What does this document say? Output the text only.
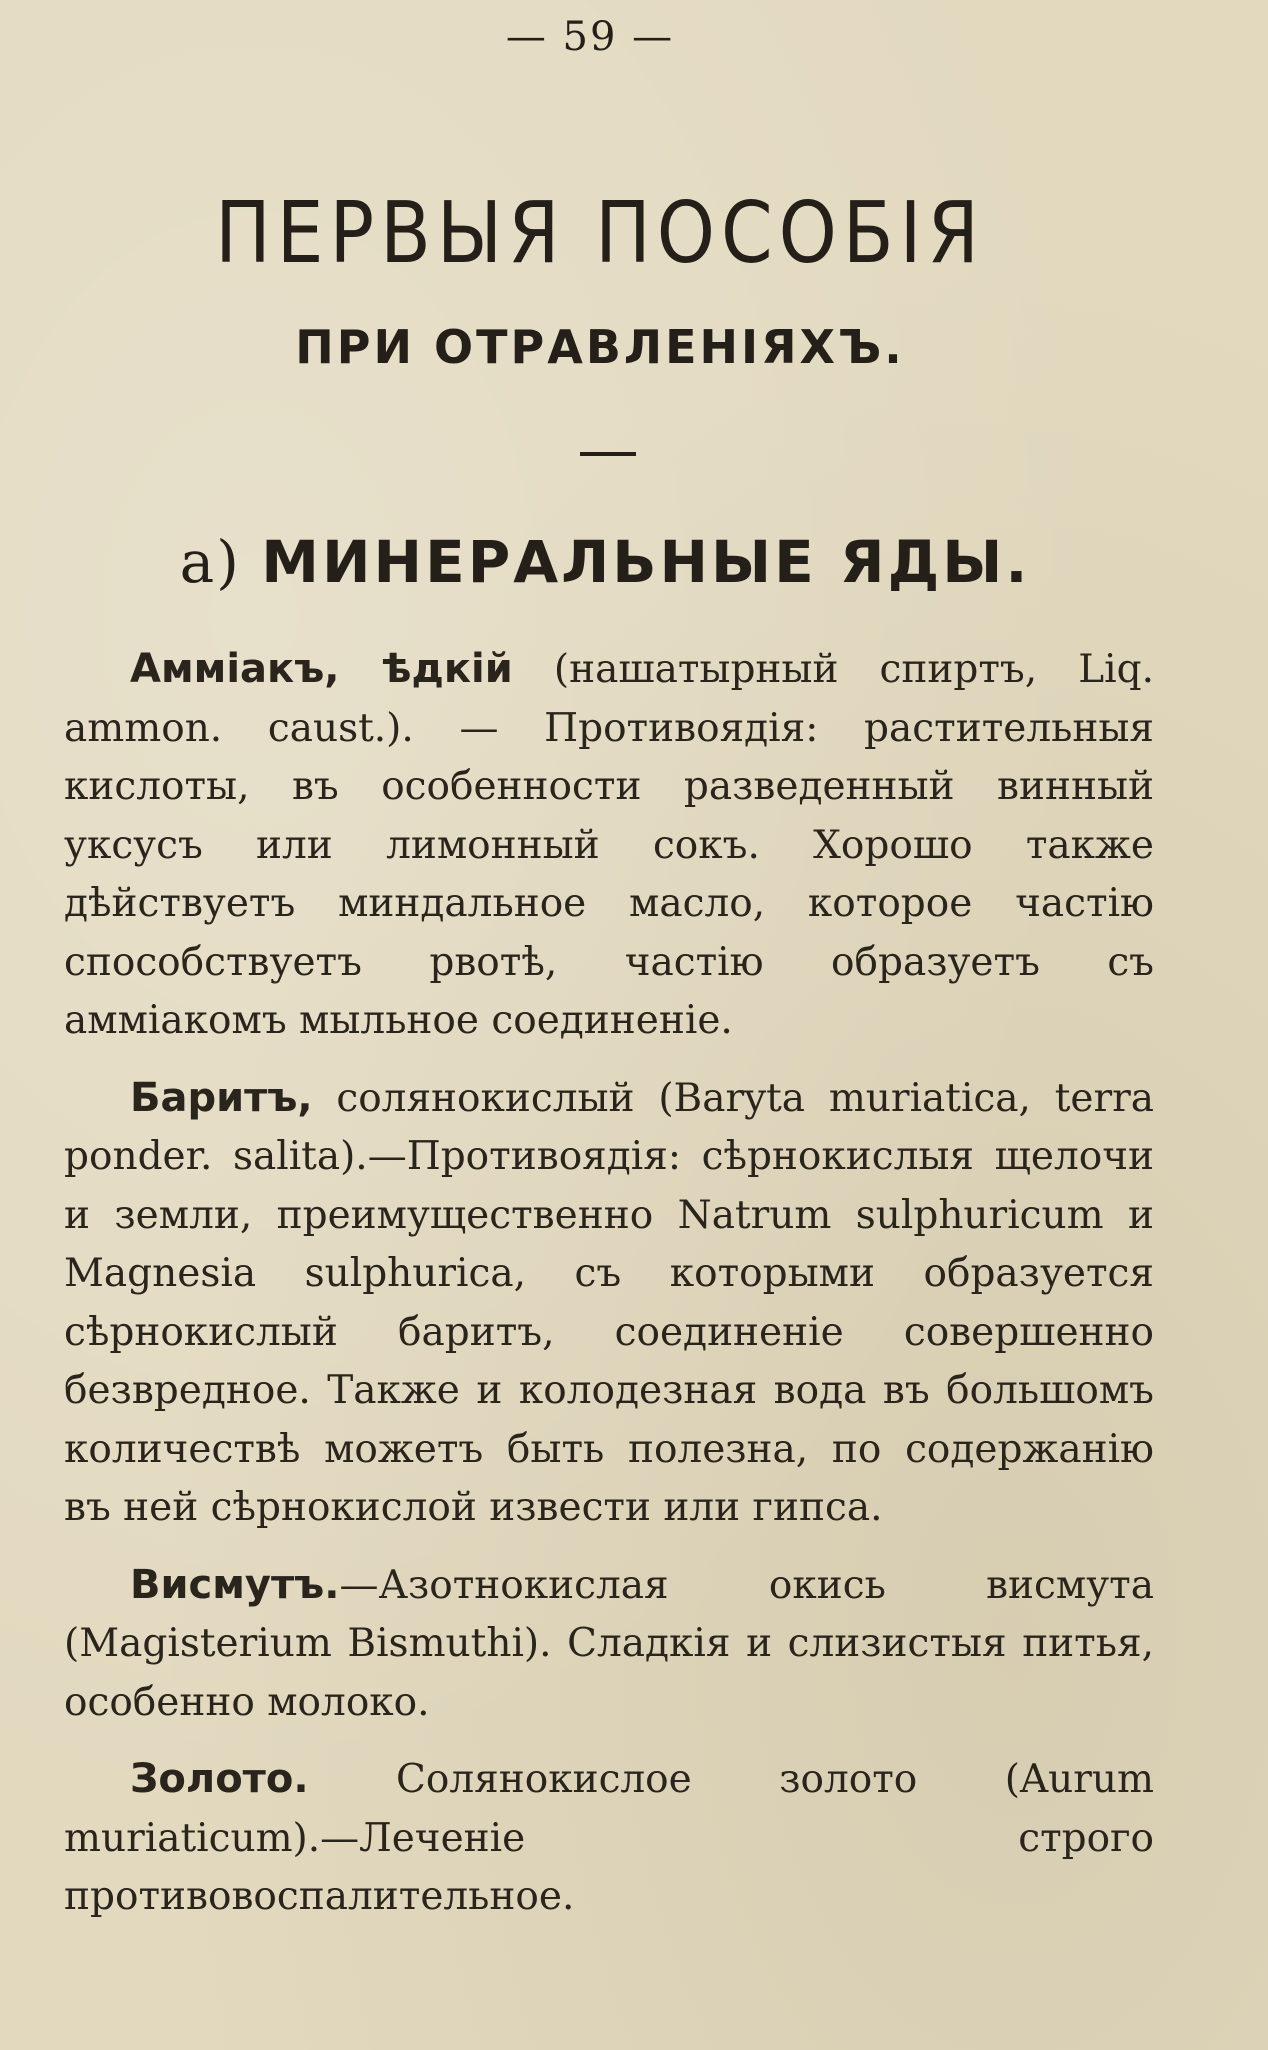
— 59 —
ПЕРВЫЯ ПОСОБІЯ
ПРИ ОТРАВЛЕНІЯХЪ.
а) МИНЕРАЛЬНЫЕ ЯДЫ.

Аммiакъ, ѣдкiй (нашатырный спиртъ, Liq. ammon. caust.). — Противоядія: растительныя кислоты, въ особенности разведенный винный уксусъ или лимонный сокъ. Хорошо также дѣйствуетъ миндальное масло, которое частію способствуетъ рвотѣ, частію образуетъ съ аммiакомъ мыльное соединеніе.

Баритъ, солянокислый (Baryta muriatica, terra ponder. salita).—Противоядія: сѣрнокислыя щелочи и земли, преимущественно Natrum sulphuricum и Magnesia sulphurica, съ которыми образуется сѣрнокислый баритъ, соединеніе совершенно безвредное. Также и колодезная вода въ большомъ количествѣ можетъ быть полезна, по содержанію въ ней сѣрнокислой извести или гипса.

Висмутъ.—Азотнокислая окись висмута (Magisterium Bismuthi). Сладкія и слизистыя питья, особенно молоко.

Золото. Солянокислое золото (Aurum muriaticum).—Леченіе строго противовоспалительное.
